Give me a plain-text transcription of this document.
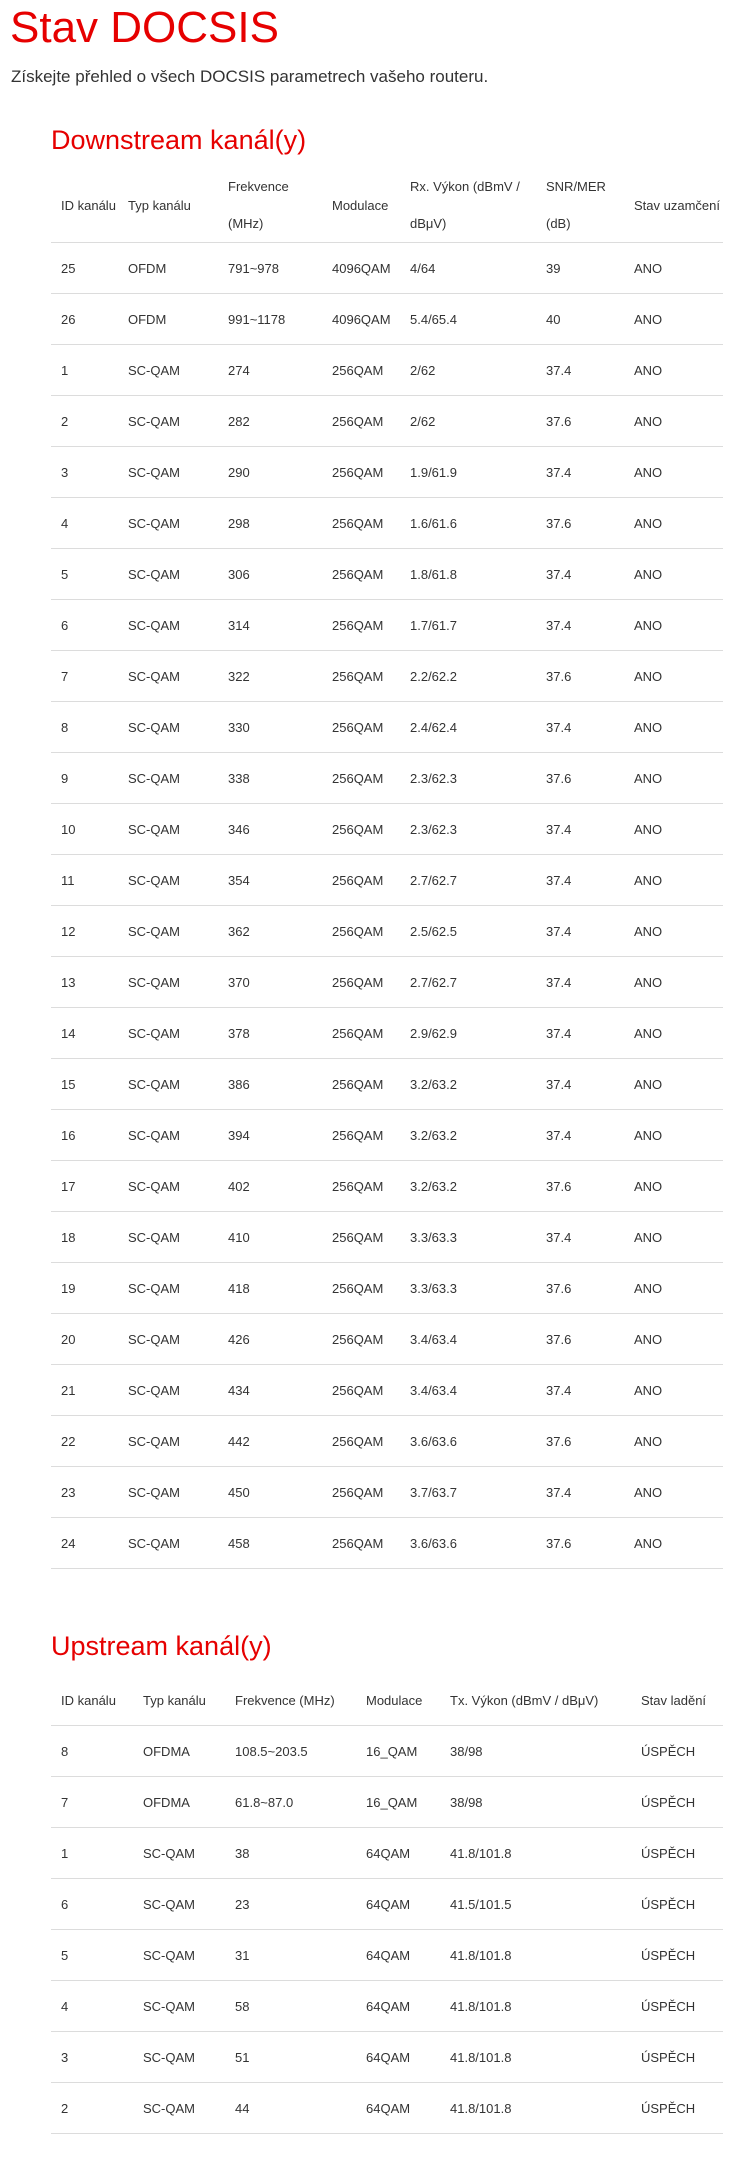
Stav DOCSIS

Získejte přehled o všech DOCSIS parametrech vašeho routeru.

Downstream kanál(y)
ID kanálu	Typ kanálu	Frekvence (MHz)	Modulace	Rx. Výkon (dBmV / dBμV)	SNR/MER (dB)	Stav uzamčení
25	OFDM	791~978	4096QAM	4/64	39	ANO
26	OFDM	991~1178	4096QAM	5.4/65.4	40	ANO
1	SC-QAM	274	256QAM	2/62	37.4	ANO
2	SC-QAM	282	256QAM	2/62	37.6	ANO
3	SC-QAM	290	256QAM	1.9/61.9	37.4	ANO
4	SC-QAM	298	256QAM	1.6/61.6	37.6	ANO
5	SC-QAM	306	256QAM	1.8/61.8	37.4	ANO
6	SC-QAM	314	256QAM	1.7/61.7	37.4	ANO
7	SC-QAM	322	256QAM	2.2/62.2	37.6	ANO
8	SC-QAM	330	256QAM	2.4/62.4	37.4	ANO
9	SC-QAM	338	256QAM	2.3/62.3	37.6	ANO
10	SC-QAM	346	256QAM	2.3/62.3	37.4	ANO
11	SC-QAM	354	256QAM	2.7/62.7	37.4	ANO
12	SC-QAM	362	256QAM	2.5/62.5	37.4	ANO
13	SC-QAM	370	256QAM	2.7/62.7	37.4	ANO
14	SC-QAM	378	256QAM	2.9/62.9	37.4	ANO
15	SC-QAM	386	256QAM	3.2/63.2	37.4	ANO
16	SC-QAM	394	256QAM	3.2/63.2	37.4	ANO
17	SC-QAM	402	256QAM	3.2/63.2	37.6	ANO
18	SC-QAM	410	256QAM	3.3/63.3	37.4	ANO
19	SC-QAM	418	256QAM	3.3/63.3	37.6	ANO
20	SC-QAM	426	256QAM	3.4/63.4	37.6	ANO
21	SC-QAM	434	256QAM	3.4/63.4	37.4	ANO
22	SC-QAM	442	256QAM	3.6/63.6	37.6	ANO
23	SC-QAM	450	256QAM	3.7/63.7	37.4	ANO
24	SC-QAM	458	256QAM	3.6/63.6	37.6	ANO
Upstream kanál(y)
ID kanálu	Typ kanálu	Frekvence (MHz)	Modulace	Tx. Výkon (dBmV / dBμV)	Stav ladění
8	OFDMA	108.5~203.5	16_QAM	38/98	ÚSPĚCH
7	OFDMA	61.8~87.0	16_QAM	38/98	ÚSPĚCH
1	SC-QAM	38	64QAM	41.8/101.8	ÚSPĚCH
6	SC-QAM	23	64QAM	41.5/101.5	ÚSPĚCH
5	SC-QAM	31	64QAM	41.8/101.8	ÚSPĚCH
4	SC-QAM	58	64QAM	41.8/101.8	ÚSPĚCH
3	SC-QAM	51	64QAM	41.8/101.8	ÚSPĚCH
2	SC-QAM	44	64QAM	41.8/101.8	ÚSPĚCH
